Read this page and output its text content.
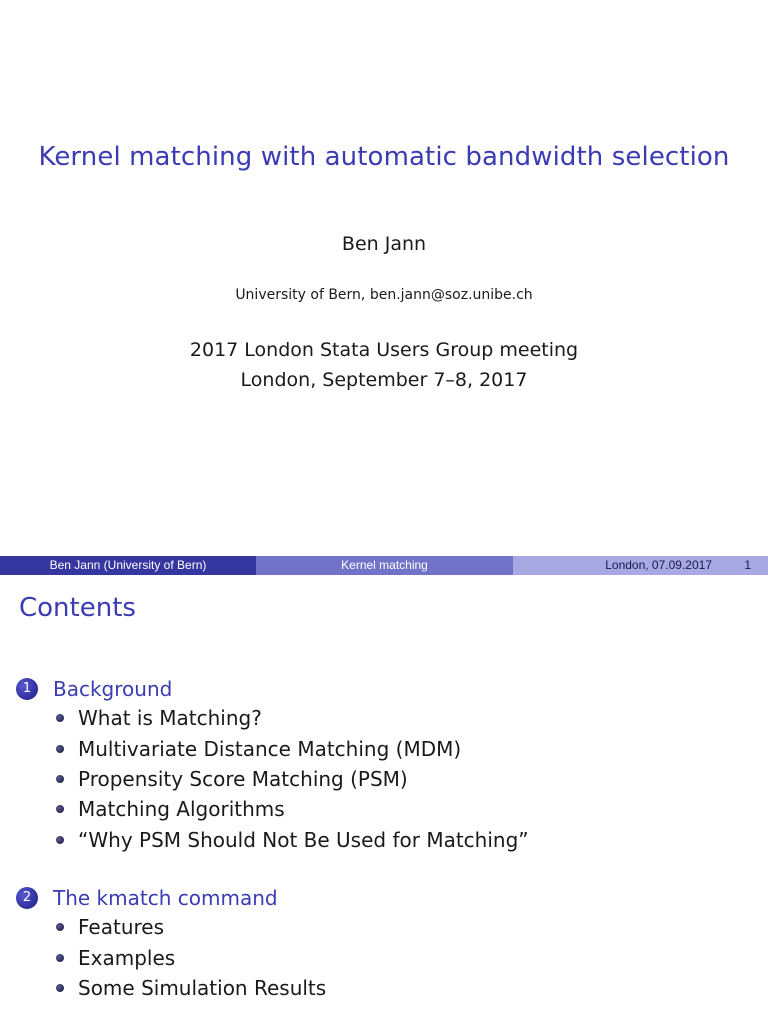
Kernel matching with automatic bandwidth selection
Ben Jann
University of Bern, ben.jann@soz.unibe.ch
2017 London Stata Users Group meeting
London, September 7–8, 2017
Ben Jann (University of Bern)	Kernel matching	London, 07.09.2017	1
Contents
1	Background
What is Matching?
Multivariate Distance Matching (MDM)
Propensity Score Matching (PSM)
Matching Algorithms
“Why PSM Should Not Be Used for Matching”
2	The kmatch command
Features
Examples
Some Simulation Results
